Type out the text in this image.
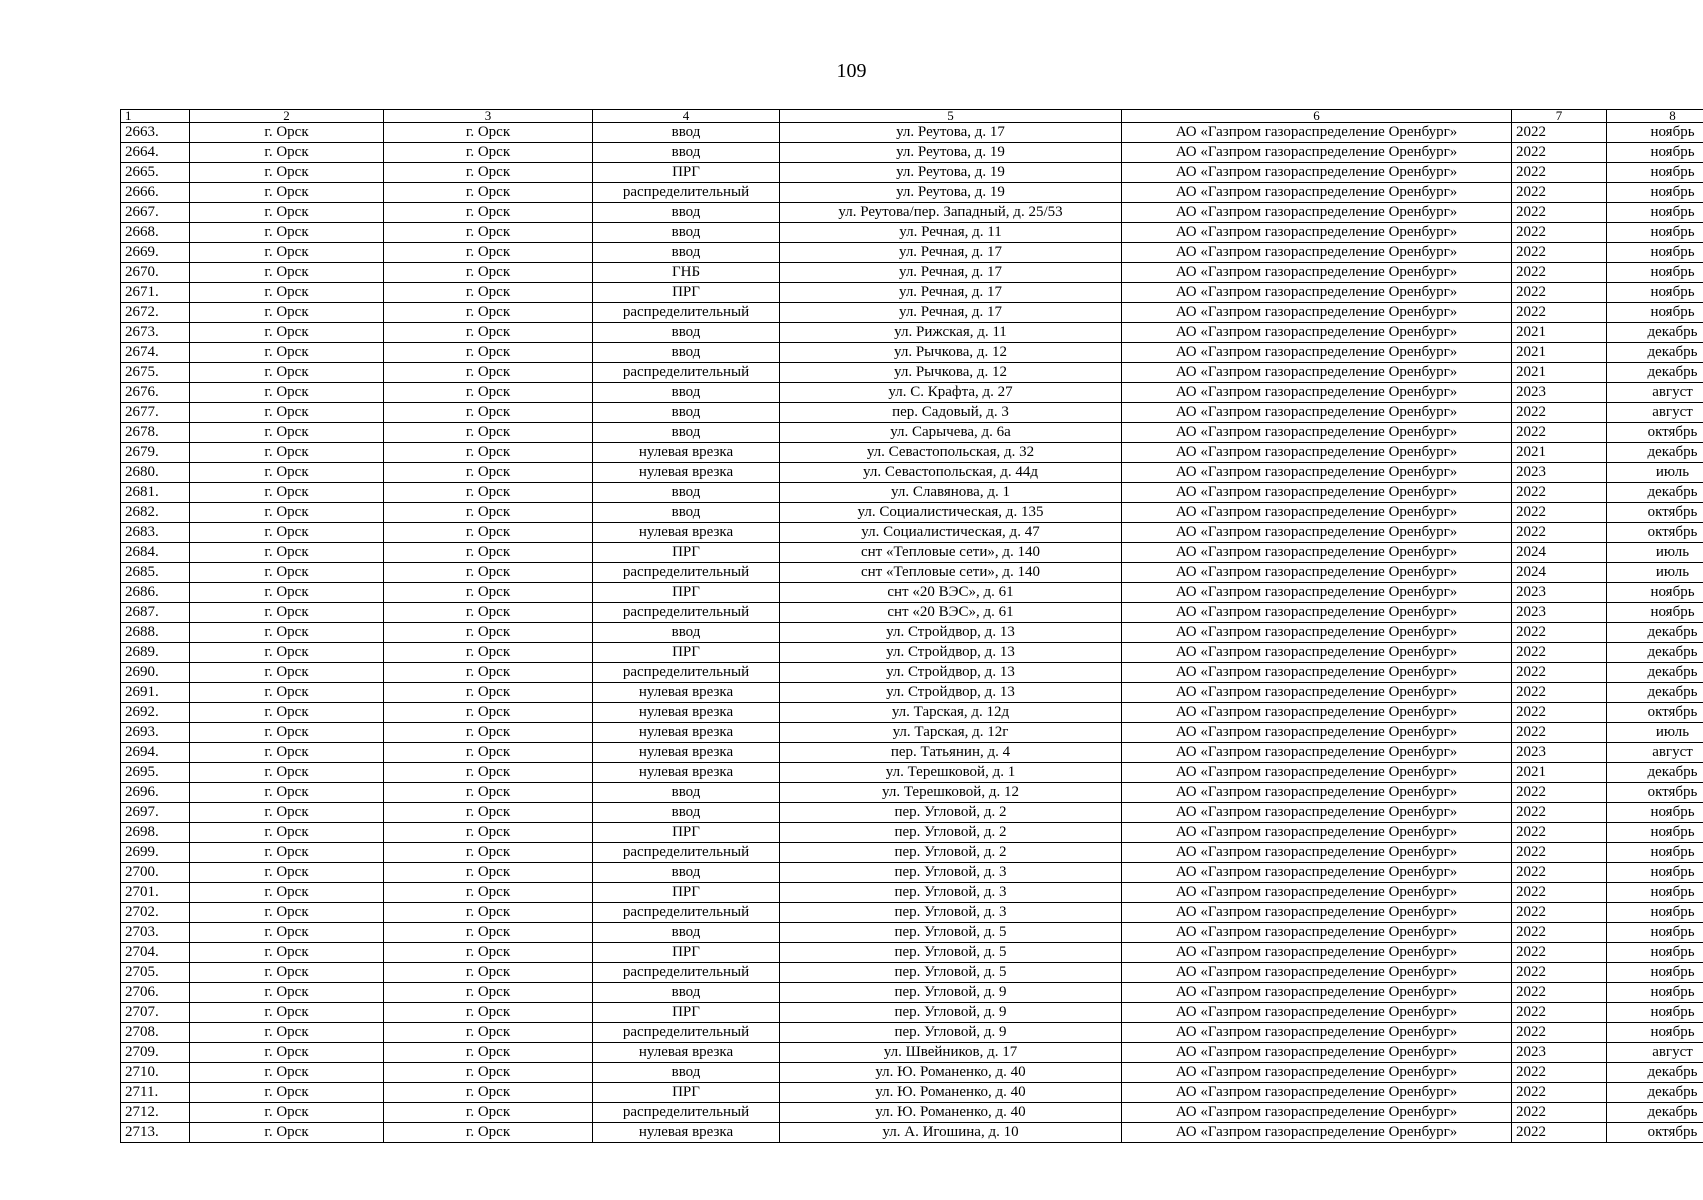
109
1	2	3	4	5	6	7	8
2663.	г. Орск	г. Орск	ввод	ул. Реутова, д. 17	АО «Газпром газораспределение Оренбург»	2022	ноябрь
2664.	г. Орск	г. Орск	ввод	ул. Реутова, д. 19	АО «Газпром газораспределение Оренбург»	2022	ноябрь
2665.	г. Орск	г. Орск	ПРГ	ул. Реутова, д. 19	АО «Газпром газораспределение Оренбург»	2022	ноябрь
2666.	г. Орск	г. Орск	распределительный	ул. Реутова, д. 19	АО «Газпром газораспределение Оренбург»	2022	ноябрь
2667.	г. Орск	г. Орск	ввод	ул. Реутова/пер. Западный, д. 25/53	АО «Газпром газораспределение Оренбург»	2022	ноябрь
2668.	г. Орск	г. Орск	ввод	ул. Речная, д. 11	АО «Газпром газораспределение Оренбург»	2022	ноябрь
2669.	г. Орск	г. Орск	ввод	ул. Речная, д. 17	АО «Газпром газораспределение Оренбург»	2022	ноябрь
2670.	г. Орск	г. Орск	ГНБ	ул. Речная, д. 17	АО «Газпром газораспределение Оренбург»	2022	ноябрь
2671.	г. Орск	г. Орск	ПРГ	ул. Речная, д. 17	АО «Газпром газораспределение Оренбург»	2022	ноябрь
2672.	г. Орск	г. Орск	распределительный	ул. Речная, д. 17	АО «Газпром газораспределение Оренбург»	2022	ноябрь
2673.	г. Орск	г. Орск	ввод	ул. Рижская, д. 11	АО «Газпром газораспределение Оренбург»	2021	декабрь
2674.	г. Орск	г. Орск	ввод	ул. Рычкова, д. 12	АО «Газпром газораспределение Оренбург»	2021	декабрь
2675.	г. Орск	г. Орск	распределительный	ул. Рычкова, д. 12	АО «Газпром газораспределение Оренбург»	2021	декабрь
2676.	г. Орск	г. Орск	ввод	ул. С. Крафта, д. 27	АО «Газпром газораспределение Оренбург»	2023	август
2677.	г. Орск	г. Орск	ввод	пер. Садовый, д. 3	АО «Газпром газораспределение Оренбург»	2022	август
2678.	г. Орск	г. Орск	ввод	ул. Сарычева, д. 6а	АО «Газпром газораспределение Оренбург»	2022	октябрь
2679.	г. Орск	г. Орск	нулевая врезка	ул. Севастопольская, д. 32	АО «Газпром газораспределение Оренбург»	2021	декабрь
2680.	г. Орск	г. Орск	нулевая врезка	ул. Севастопольская, д. 44д	АО «Газпром газораспределение Оренбург»	2023	июль
2681.	г. Орск	г. Орск	ввод	ул. Славянова, д. 1	АО «Газпром газораспределение Оренбург»	2022	декабрь
2682.	г. Орск	г. Орск	ввод	ул. Социалистическая, д. 135	АО «Газпром газораспределение Оренбург»	2022	октябрь
2683.	г. Орск	г. Орск	нулевая врезка	ул. Социалистическая, д. 47	АО «Газпром газораспределение Оренбург»	2022	октябрь
2684.	г. Орск	г. Орск	ПРГ	снт «Тепловые сети», д. 140	АО «Газпром газораспределение Оренбург»	2024	июль
2685.	г. Орск	г. Орск	распределительный	снт «Тепловые сети», д. 140	АО «Газпром газораспределение Оренбург»	2024	июль
2686.	г. Орск	г. Орск	ПРГ	снт «20 ВЭС», д. 61	АО «Газпром газораспределение Оренбург»	2023	ноябрь
2687.	г. Орск	г. Орск	распределительный	снт «20 ВЭС», д. 61	АО «Газпром газораспределение Оренбург»	2023	ноябрь
2688.	г. Орск	г. Орск	ввод	ул. Стройдвор, д. 13	АО «Газпром газораспределение Оренбург»	2022	декабрь
2689.	г. Орск	г. Орск	ПРГ	ул. Стройдвор, д. 13	АО «Газпром газораспределение Оренбург»	2022	декабрь
2690.	г. Орск	г. Орск	распределительный	ул. Стройдвор, д. 13	АО «Газпром газораспределение Оренбург»	2022	декабрь
2691.	г. Орск	г. Орск	нулевая врезка	ул. Стройдвор, д. 13	АО «Газпром газораспределение Оренбург»	2022	декабрь
2692.	г. Орск	г. Орск	нулевая врезка	ул. Тарская, д. 12д	АО «Газпром газораспределение Оренбург»	2022	октябрь
2693.	г. Орск	г. Орск	нулевая врезка	ул. Тарская, д. 12г	АО «Газпром газораспределение Оренбург»	2022	июль
2694.	г. Орск	г. Орск	нулевая врезка	пер. Татьянин, д. 4	АО «Газпром газораспределение Оренбург»	2023	август
2695.	г. Орск	г. Орск	нулевая врезка	ул. Терешковой, д. 1	АО «Газпром газораспределение Оренбург»	2021	декабрь
2696.	г. Орск	г. Орск	ввод	ул. Терешковой, д. 12	АО «Газпром газораспределение Оренбург»	2022	октябрь
2697.	г. Орск	г. Орск	ввод	пер. Угловой, д. 2	АО «Газпром газораспределение Оренбург»	2022	ноябрь
2698.	г. Орск	г. Орск	ПРГ	пер. Угловой, д. 2	АО «Газпром газораспределение Оренбург»	2022	ноябрь
2699.	г. Орск	г. Орск	распределительный	пер. Угловой, д. 2	АО «Газпром газораспределение Оренбург»	2022	ноябрь
2700.	г. Орск	г. Орск	ввод	пер. Угловой, д. 3	АО «Газпром газораспределение Оренбург»	2022	ноябрь
2701.	г. Орск	г. Орск	ПРГ	пер. Угловой, д. 3	АО «Газпром газораспределение Оренбург»	2022	ноябрь
2702.	г. Орск	г. Орск	распределительный	пер. Угловой, д. 3	АО «Газпром газораспределение Оренбург»	2022	ноябрь
2703.	г. Орск	г. Орск	ввод	пер. Угловой, д. 5	АО «Газпром газораспределение Оренбург»	2022	ноябрь
2704.	г. Орск	г. Орск	ПРГ	пер. Угловой, д. 5	АО «Газпром газораспределение Оренбург»	2022	ноябрь
2705.	г. Орск	г. Орск	распределительный	пер. Угловой, д. 5	АО «Газпром газораспределение Оренбург»	2022	ноябрь
2706.	г. Орск	г. Орск	ввод	пер. Угловой, д. 9	АО «Газпром газораспределение Оренбург»	2022	ноябрь
2707.	г. Орск	г. Орск	ПРГ	пер. Угловой, д. 9	АО «Газпром газораспределение Оренбург»	2022	ноябрь
2708.	г. Орск	г. Орск	распределительный	пер. Угловой, д. 9	АО «Газпром газораспределение Оренбург»	2022	ноябрь
2709.	г. Орск	г. Орск	нулевая врезка	ул. Швейников, д. 17	АО «Газпром газораспределение Оренбург»	2023	август
2710.	г. Орск	г. Орск	ввод	ул. Ю. Романенко, д. 40	АО «Газпром газораспределение Оренбург»	2022	декабрь
2711.	г. Орск	г. Орск	ПРГ	ул. Ю. Романенко, д. 40	АО «Газпром газораспределение Оренбург»	2022	декабрь
2712.	г. Орск	г. Орск	распределительный	ул. Ю. Романенко, д. 40	АО «Газпром газораспределение Оренбург»	2022	декабрь
2713.	г. Орск	г. Орск	нулевая врезка	ул. А. Игошина, д. 10	АО «Газпром газораспределение Оренбург»	2022	октябрь
